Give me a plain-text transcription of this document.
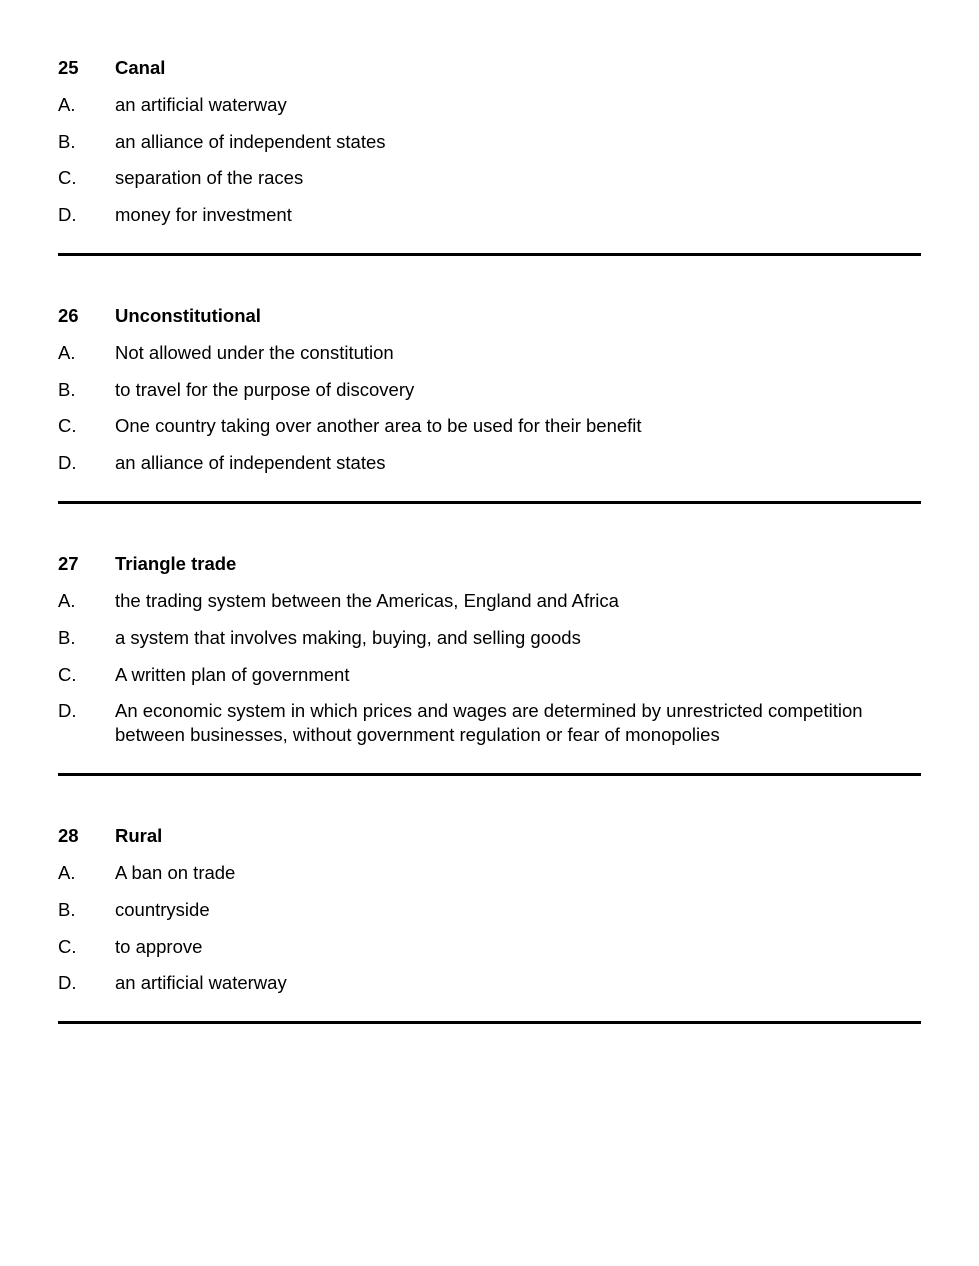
25	Canal
A.	an artificial waterway
B.	an alliance of independent states
C.	separation of the races
D.	money for investment
26	Unconstitutional
A.	Not allowed under the constitution
B.	to travel for the purpose of discovery
C.	One country taking over another area to be used for their benefit
D.	an alliance of independent states
27	Triangle trade
A.	the trading system between the Americas, England and Africa
B.	a system that involves making, buying, and selling goods
C.	A written plan of government
D.	An economic system in which prices and wages are determined by unrestricted competition between businesses, without government regulation or fear of monopolies
28	Rural
A.	A ban on trade
B.	countryside
C.	to approve
D.	an artificial waterway
